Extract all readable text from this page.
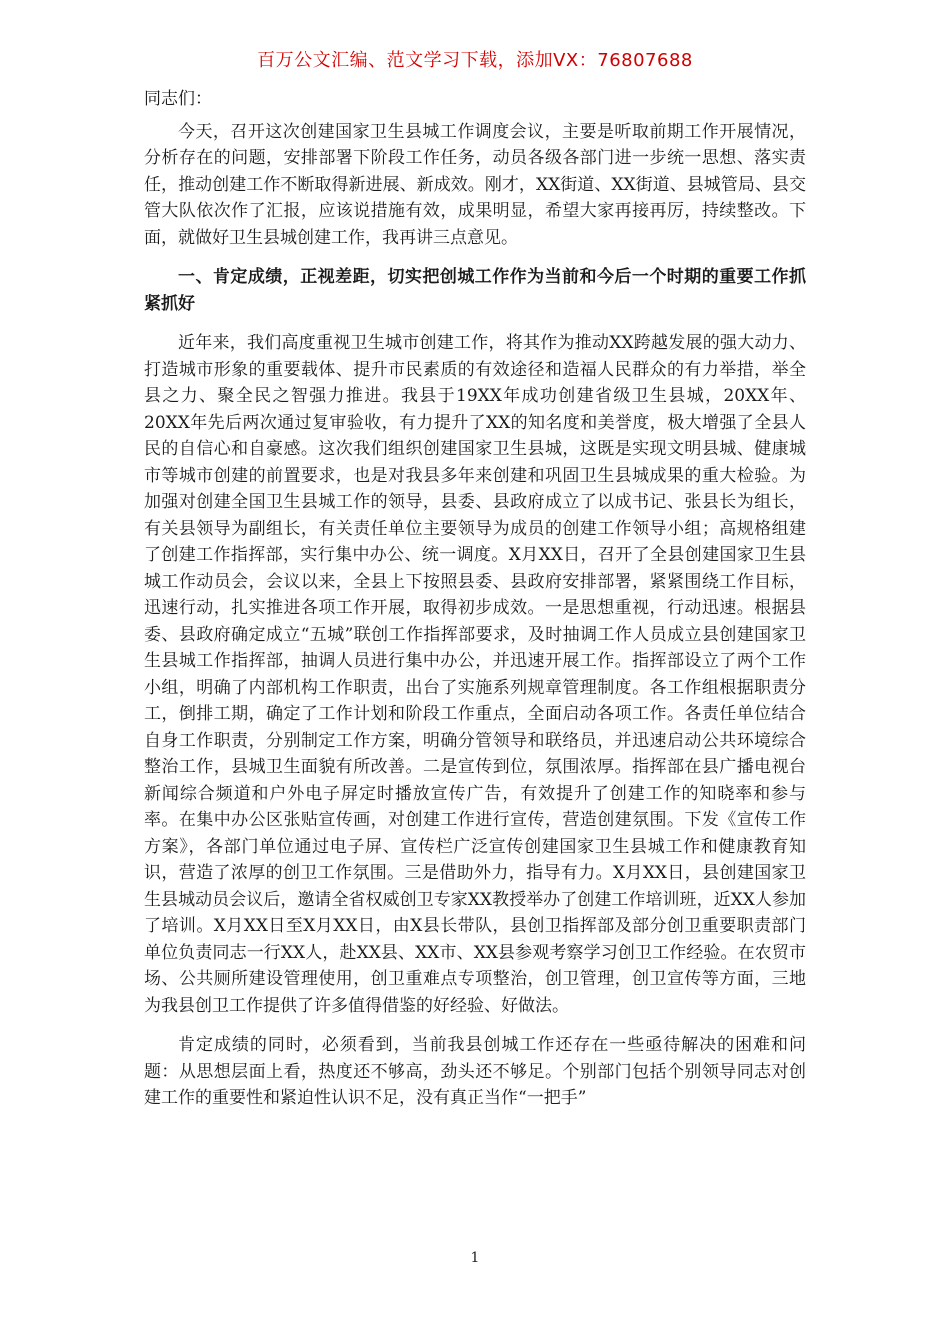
百万公文汇编、范文学习下载，添加VX：76807688

同志们：

今天，召开这次创建国家卫生县城工作调度会议，主要是听取前期工作开展情况，分析存在的问题，安排部署下阶段工作任务，动员各级各部门进一步统一思想、落实责任，推动创建工作不断取得新进展、新成效。刚才，XX街道、XX街道、县城管局、县交管大队依次作了汇报，应该说措施有效，成果明显，希望大家再接再厉，持续整改。下面，就做好卫生县城创建工作，我再讲三点意见。

一、肯定成绩，正视差距，切实把创城工作作为当前和今后一个时期的重要工作抓紧抓好

近年来，我们高度重视卫生城市创建工作，将其作为推动XX跨越发展的强大动力、打造城市形象的重要载体、提升市民素质的有效途径和造福人民群众的有力举措，举全县之力、聚全民之智强力推进。我县于19XX年成功创建省级卫生县城，20XX年、20XX年先后两次通过复审验收，有力提升了XX的知名度和美誉度，极大增强了全县人民的自信心和自豪感。这次我们组织创建国家卫生县城，这既是实现文明县城、健康城市等城市创建的前置要求，也是对我县多年来创建和巩固卫生县城成果的重大检验。为加强对创建全国卫生县城工作的领导，县委、县政府成立了以成书记、张县长为组长，有关县领导为副组长，有关责任单位主要领导为成员的创建工作领导小组；高规格组建了创建工作指挥部，实行集中办公、统一调度。X月XX日，召开了全县创建国家卫生县城工作动员会，会议以来，全县上下按照县委、县政府安排部署，紧紧围绕工作目标，迅速行动，扎实推进各项工作开展，取得初步成效。一是思想重视，行动迅速。根据县委、县政府确定成立“五城”联创工作指挥部要求，及时抽调工作人员成立县创建国家卫生县城工作指挥部，抽调人员进行集中办公，并迅速开展工作。指挥部设立了两个工作小组，明确了内部机构工作职责，出台了实施系列规章管理制度。各工作组根据职责分工，倒排工期，确定了工作计划和阶段工作重点，全面启动各项工作。各责任单位结合自身工作职责，分别制定工作方案，明确分管领导和联络员，并迅速启动公共环境综合整治工作，县城卫生面貌有所改善。二是宣传到位，氛围浓厚。指挥部在县广播电视台新闻综合频道和户外电子屏定时播放宣传广告，有效提升了创建工作的知晓率和参与率。在集中办公区张贴宣传画，对创建工作进行宣传，营造创建氛围。下发《宣传工作方案》，各部门单位通过电子屏、宣传栏广泛宣传创建国家卫生县城工作和健康教育知识，营造了浓厚的创卫工作氛围。三是借助外力，指导有力。X月XX日，县创建国家卫生县城动员会议后，邀请全省权威创卫专家XX教授举办了创建工作培训班，近XX人参加了培训。X月XX日至X月XX日，由X县长带队，县创卫指挥部及部分创卫重要职责部门单位负责同志一行XX人，赴XX县、XX市、XX县参观考察学习创卫工作经验。在农贸市场、公共厕所建设管理使用，创卫重难点专项整治，创卫管理，创卫宣传等方面，三地为我县创卫工作提供了许多值得借鉴的好经验、好做法。

肯定成绩的同时，必须看到，当前我县创城工作还存在一些亟待解决的困难和问题：从思想层面上看，热度还不够高，劲头还不够足。个别部门包括个别领导同志对创建工作的重要性和紧迫性认识不足，没有真正当作“一把手”

1
